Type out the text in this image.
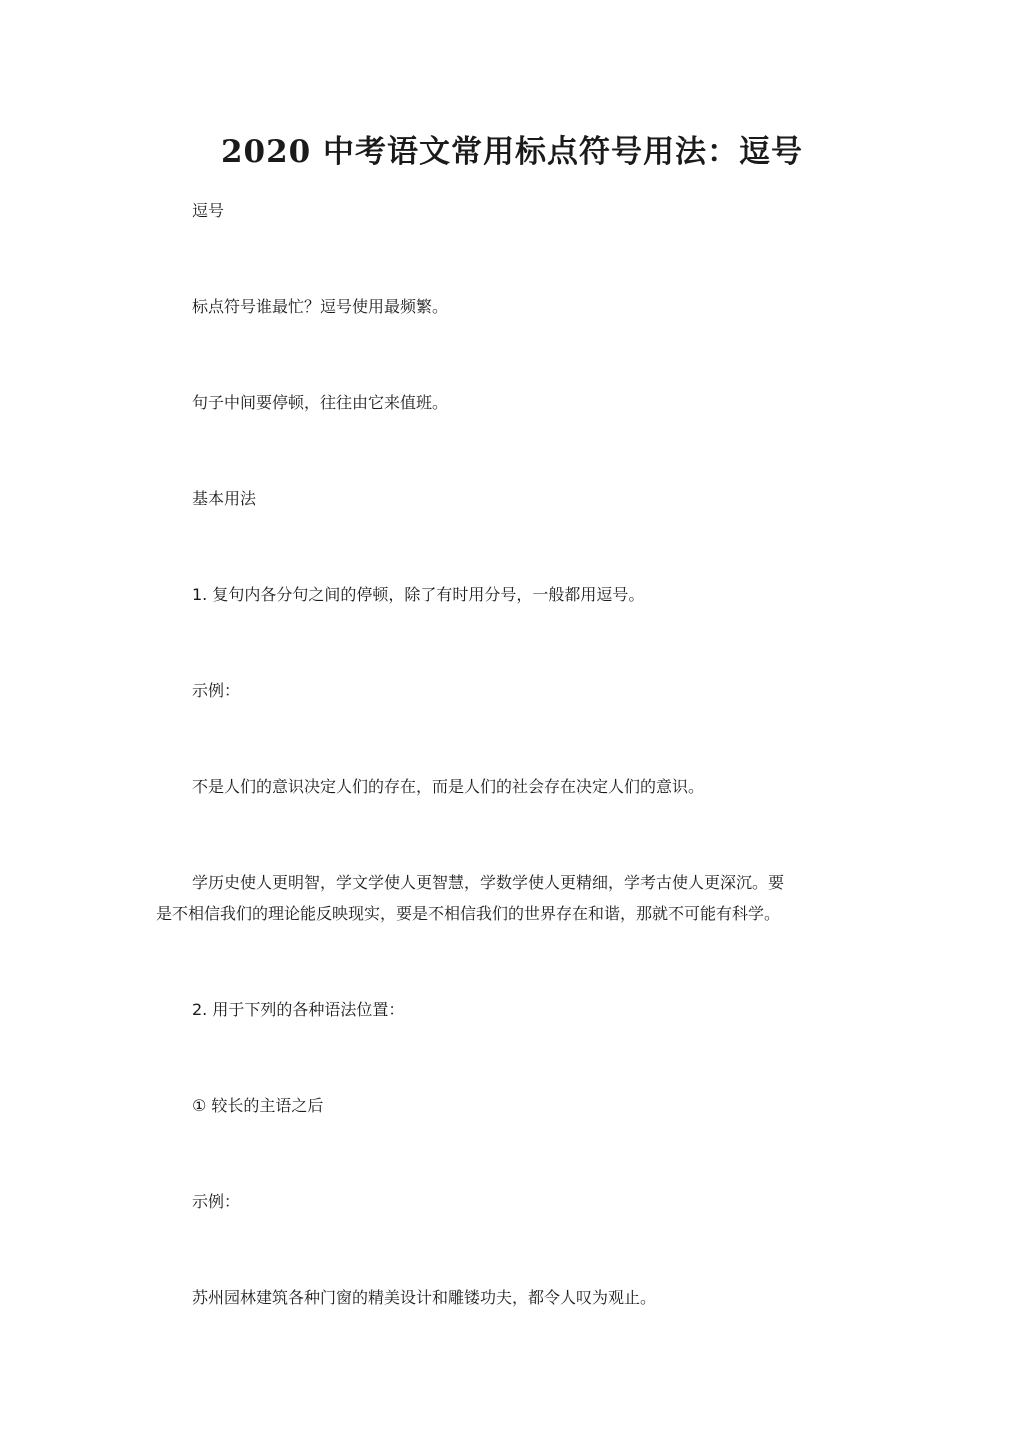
2020 中考语文常用标点符号用法：逗号

逗号

标点符号谁最忙？逗号使用最频繁。

句子中间要停顿，往往由它来值班。

基本用法

1. 复句内各分句之间的停顿，除了有时用分号，一般都用逗号。

示例：

不是人们的意识决定人们的存在，而是人们的社会存在决定人们的意识。

学历史使人更明智，学文学使人更智慧，学数学使人更精细，学考古使人更深沉。要
是不相信我们的理论能反映现实，要是不相信我们的世界存在和谐，那就不可能有科学。

2. 用于下列的各种语法位置：

① 较长的主语之后

示例：

苏州园林建筑各种门窗的精美设计和雕镂功夫，都令人叹为观止。
